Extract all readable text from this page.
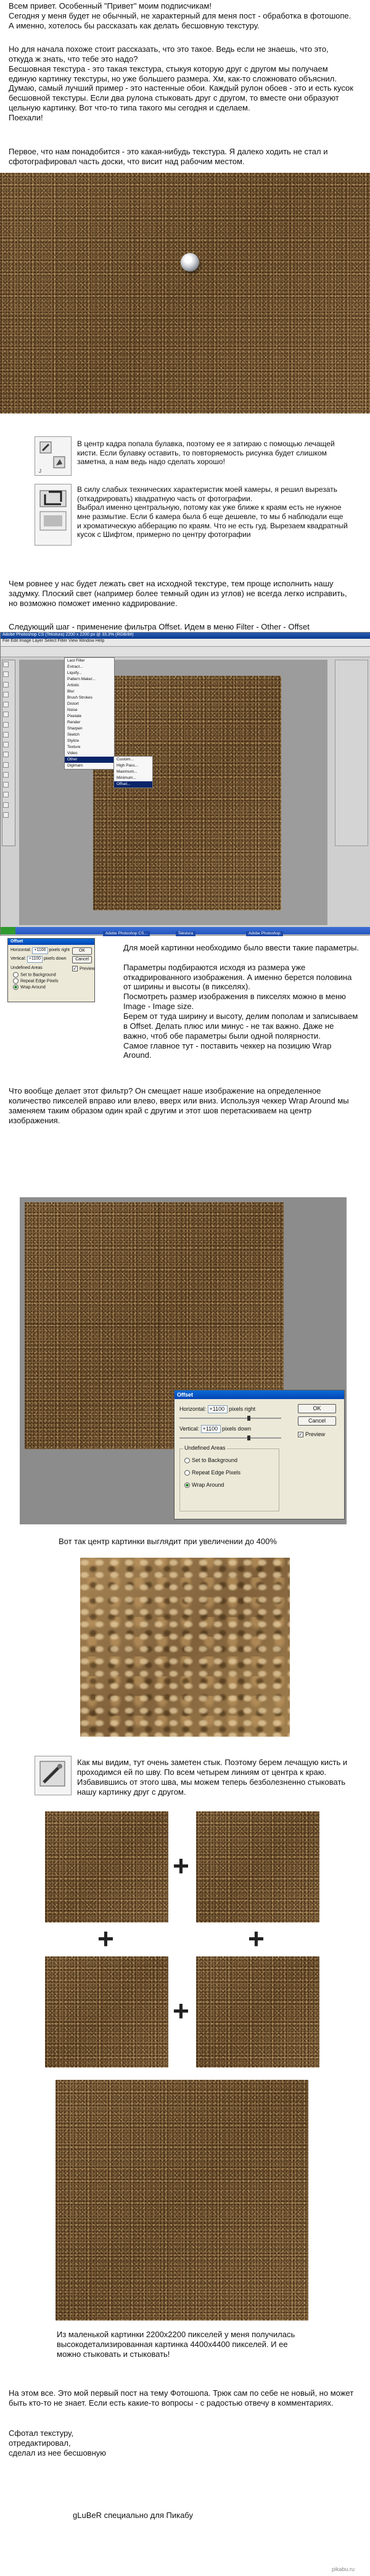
Всем привет. Особенный "Привет" моим подписчикам!
Сегодня у меня будет не обычный, не характерный для меня пост - обработка в фотошопе. А именно, хотелось бы рассказать как делать бесшовную текстуру.

Но для начала похоже стоит рассказать, что это такое. Ведь если не знаешь, что это, откуда ж знать, что тебе это надо?
Бесшовная текстура - это такая текстура, стыкуя которую друг с другом мы получаем единую картинку текстуры, но уже большего размера. Хм, как-то сложновато объяснил. Думаю, самый лучший пример - это настенные обои. Каждый рулон обоев - это и есть кусок бесшовной текстуры. Если два рулона стыковать друг с другом, то вместе они образуют цельную картинку. Вот что-то типа такого мы сегодня и сделаем.
Поехали!

Первое, что нам понадобится - это какая-нибудь текстура. Я далеко ходить не стал и сфотографировал часть доски, что висит над рабочим местом.

J

В центр кадра попала булавка, поэтому ее я затираю с помощью лечащей кисти. Если булавку оставить, то повторяемость рисунка будет слишком заметна, а нам ведь надо сделать хорошо!

В силу слабых технических характеристик моей камеры, я решил вырезать (откадрировать) квадратную часть от фотографии.
Выбрал именно центральную, потому как уже ближе к краям есть не нужное мне размытие. Если б камера была б еще дешевле, то мы б наблюдали еще и хроматическую абберацию по краям. Что не есть гуд. Вырезаем квадратный кусок с Шифтом, примерно по центру фотографии

Чем ровнее у нас будет лежать свет на исходной текстуре, тем проще исполнить нашу задумку. Плоский свет (например более темный один из углов) не всегда легко исправить, но возможно поможет именно кадрирование.

Следующий шаг - применение фильтра Offset. Идем в меню Filter - Other - Offset

Adobe Photoshop CS (Tekstura) 2200 x 2200 px @ 33.3% (RGB/8#)
File Edit Image Layer Select Filter View Window Help

Last Filter
Extract...
Liquify...
Pattern Maker...
Artistic
Blur
Brush Strokes
Distort
Noise
Pixelate
Render
Sharpen
Sketch
Stylize
Texture
Video
Other
Digimarc
Custom...
High Pass...
Maximum...
Minimum...
Offset...
Adobe Photoshop CS...	Tekstura	Adobe Photoshop
Offset
Horizontal: +1100 pixels right
Vertical: +1100 pixels down
Undefined Areas
Set to Background
Repeat Edge Pixels
Wrap Around
OK
Cancel
✓ Preview

Для моей картинки необходимо было ввести такие параметры.

Параметры подбираются исходя из размера уже откадрированного изображения. А именно берется половина от ширины и высоты (в пикселях).
Посмотреть размер изображения в пикселях можно в меню Image - Image size.
Берем от туда ширину и высоту, делим пополам и записываем в Offset. Делать плюс или минус - не так важно. Даже не важно, чтоб обе параметры были одной полярности.
Самое главное тут - поставить чеккер на позицию Wrap Around.

Что вообще делает этот фильтр? Он смещает наше изображение на определенное количество пикселей вправо или влево, вверх или вниз. Используя чеккер Wrap Around мы заменяем таким образом один край с другим и этот шов перетаскиваем на центр изображения.

Offset
Horizontal: +1100 pixels right
Vertical: +1100 pixels down
Undefined Areas
Set to Background
Repeat Edge Pixels
Wrap Around
OK
Cancel
✓ Preview

Вот так центр картинки выглядит при увеличении до 400%

Как мы видим, тут очень заметен стык. Поэтому берем лечащую кисть и проходимся ей по шву. По всем четырем линиям от центра к краю. Избавившись от этого шва, мы можем теперь безболезненно стыковать нашу картинку друг с другом.

+
+	+
+

Из маленькой картинки 2200х2200 пикселей у меня получилась высокодетализированная картинка 4400х4400 пикселей. И ее можно стыковать и стыковать!

На этом все. Это мой первый пост на тему Фотошопа. Трюк сам по себе не новый, но может быть кто-то не знает. Если есть какие-то вопросы - с радостью отвечу в комментариях.

Сфотал текстуру,
отредактировал,
сделал из нее бесшовную

gLuBeR специально для Пикабу

pikabu.ru
